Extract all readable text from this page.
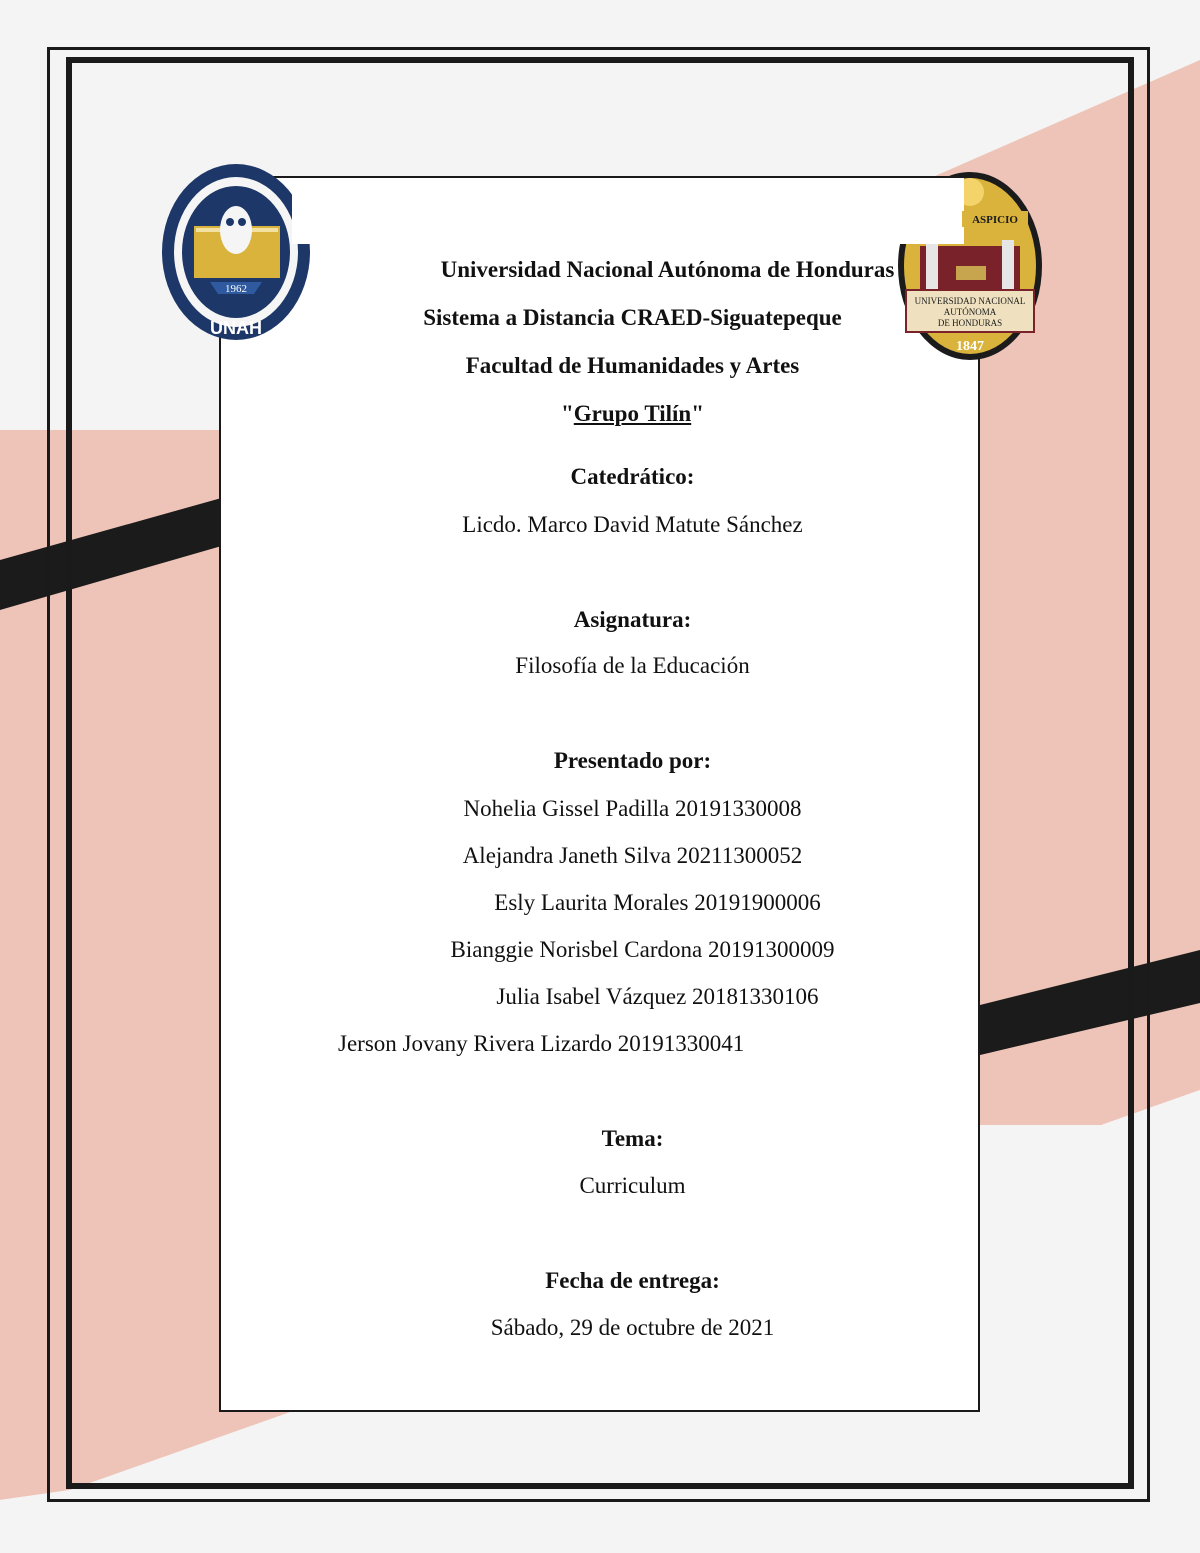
1962
UNAH
UNIVERSIDAD NACIONAL
AUTÓNOMA
DE HONDURAS
1847
ASPICIO
Universidad Nacional Autónoma de Honduras
Sistema a Distancia CRAED-Siguatepeque
Facultad de Humanidades y Artes
"Grupo Tilín"
Catedrático:
Licdo. Marco David Matute Sánchez
Asignatura:
Filosofía de la Educación
Presentado por:
Nohelia Gissel Padilla 20191330008
Alejandra Janeth Silva 20211300052
Esly Laurita Morales 20191900006
Bianggie Norisbel Cardona 20191300009
Julia Isabel Vázquez 20181330106
Jerson Jovany Rivera Lizardo 20191330041
Tema:
Curriculum
Fecha de entrega:
Sábado, 29 de octubre de 2021
